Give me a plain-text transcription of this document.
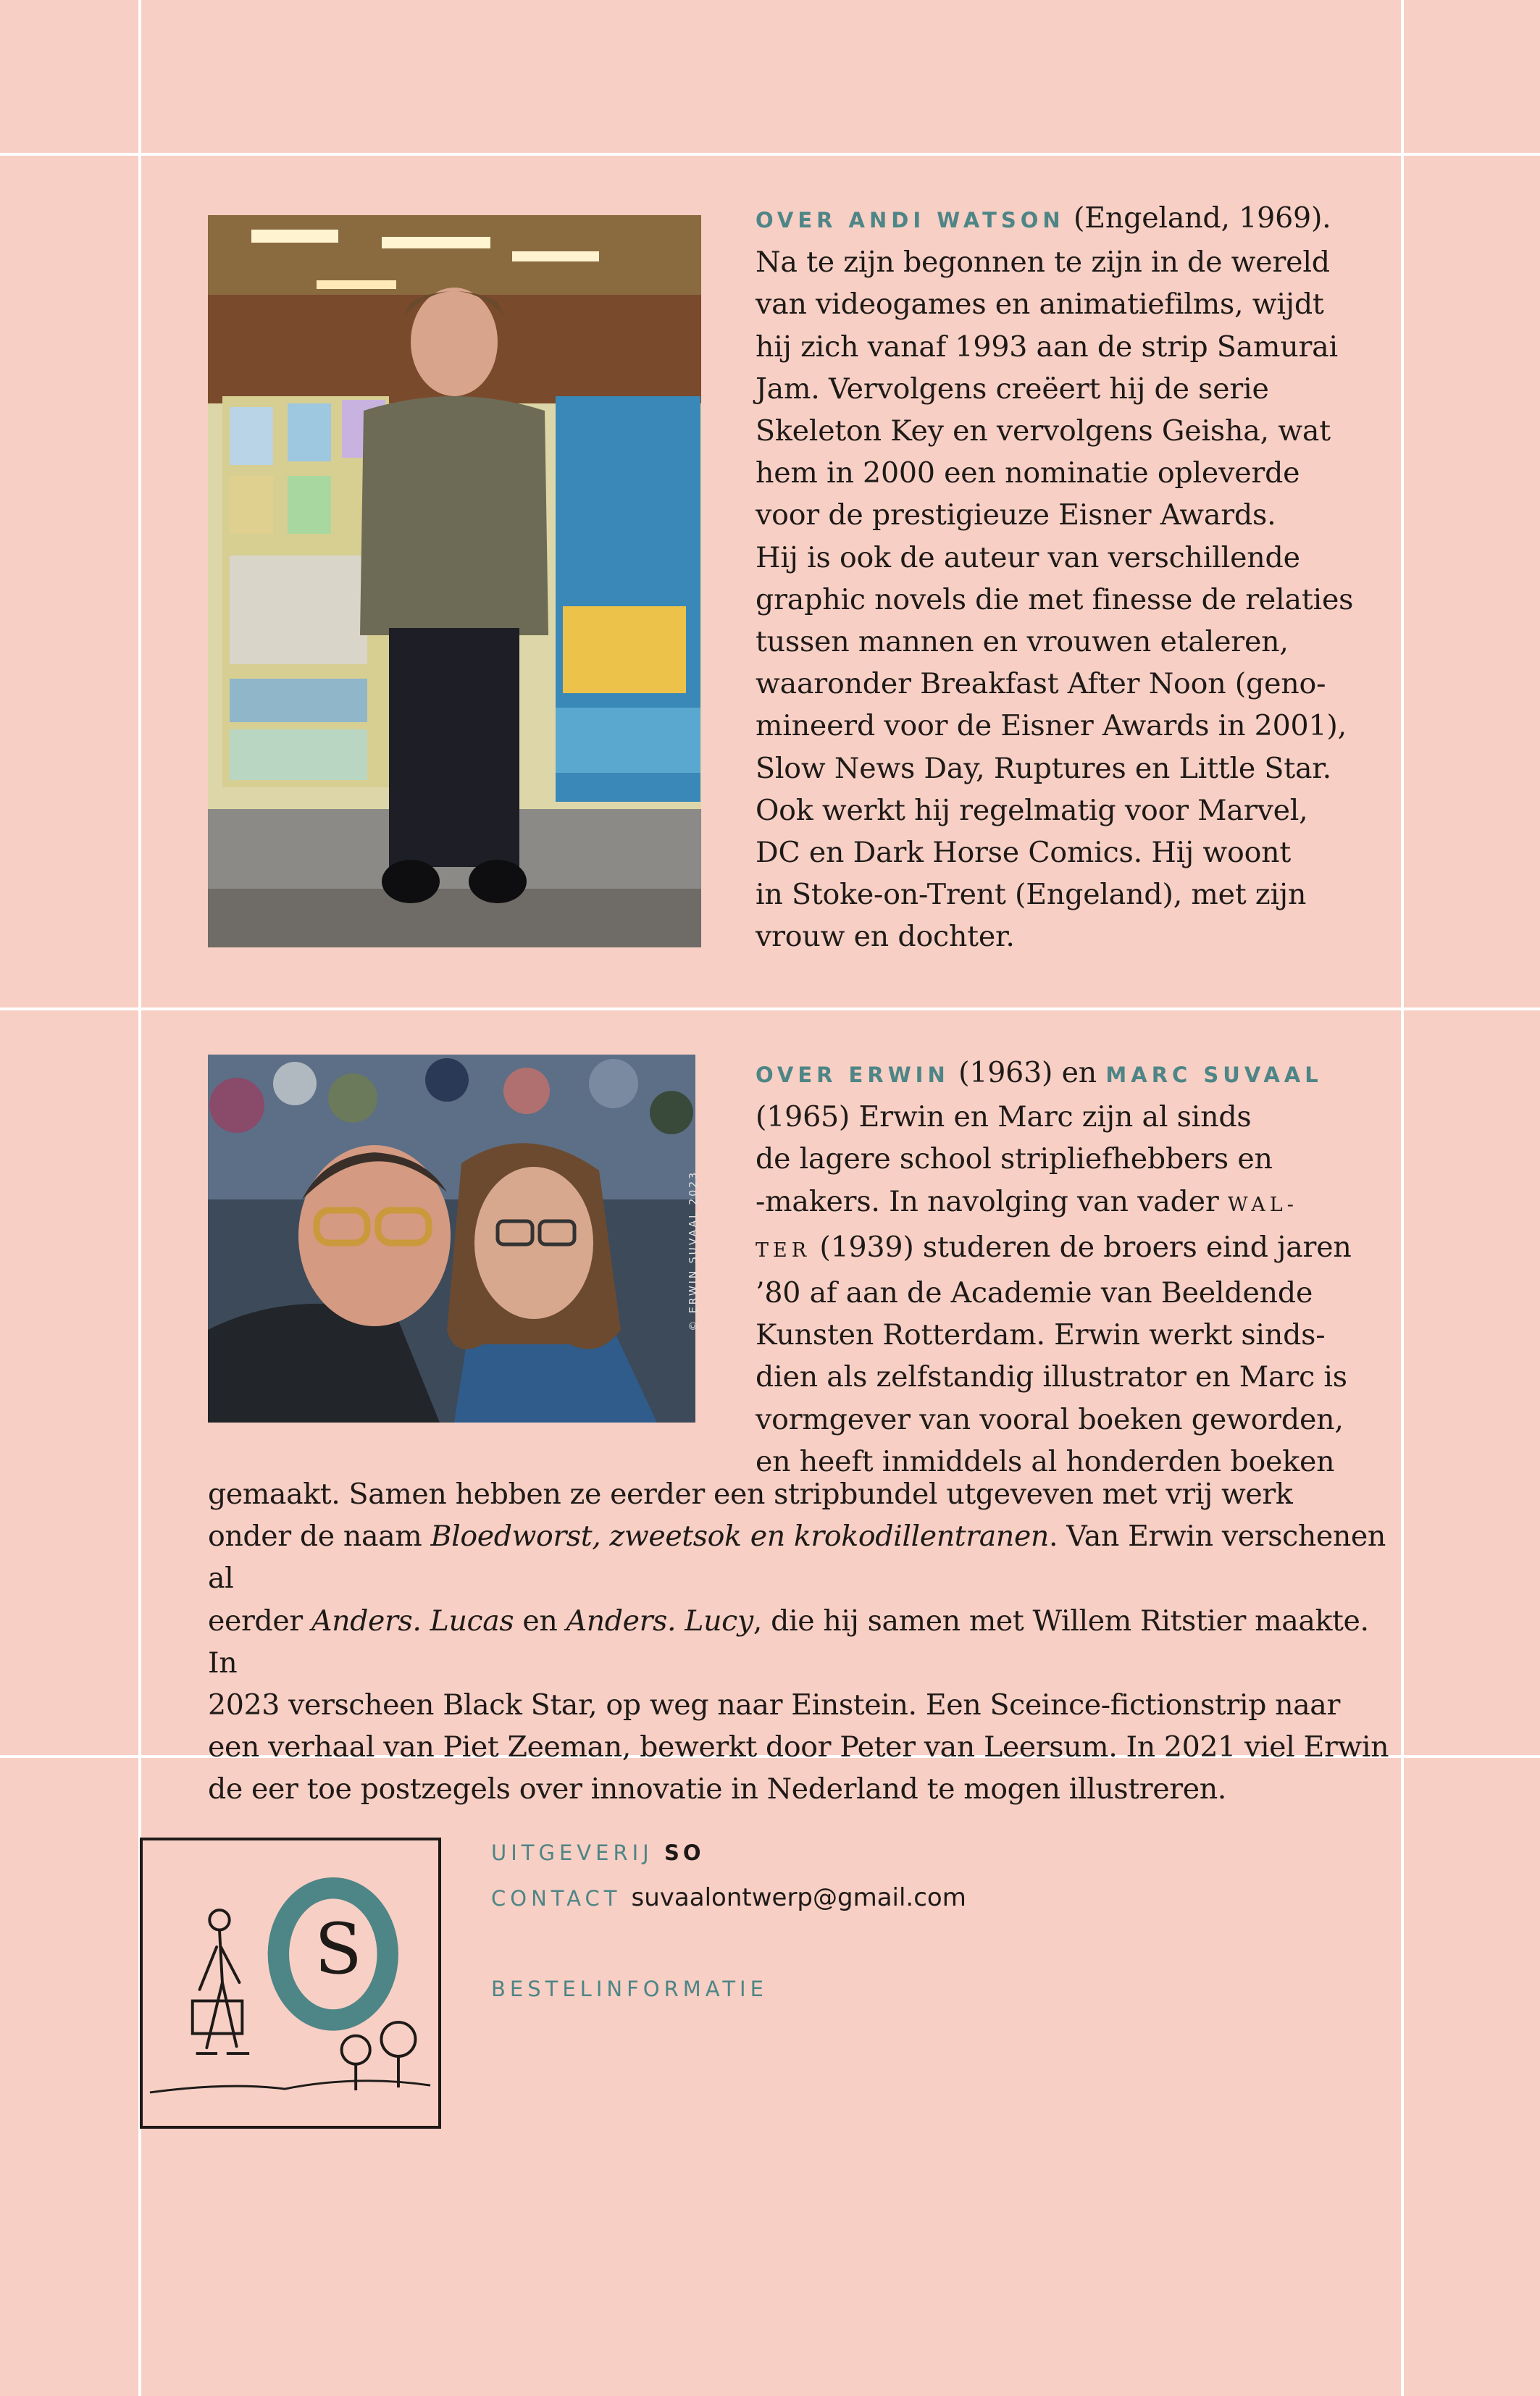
OVER ANDI WATSON (Engeland, 1969).

Na te zijn begonnen te zijn in de wereld

van videogames en animatiefilms, wijdt

hij zich vanaf 1993 aan de strip Samurai

Jam. Vervolgens creëert hij de serie

Skeleton Key en vervolgens Geisha, wat

hem in 2000 een nominatie opleverde

voor de prestigieuze Eisner Awards.

Hij is ook de auteur van verschillende

graphic novels die met finesse de relaties

tussen mannen en vrouwen etaleren,

waaronder Breakfast After Noon (geno-

mineerd voor de Eisner Awards in 2001),

Slow News Day, Ruptures en Little Star.

Ook werkt hij regelmatig voor Marvel,

DC en Dark Horse Comics. Hij woont

in Stoke-on-Trent (Engeland), met zijn

vrouw en dochter.

© ERWIN SUVAAL 2023

OVER ERWIN (1963) en MARC SUVAAL

(1965) Erwin en Marc zijn al sinds

de lagere school stripliefhebbers en

-makers. In navolging van vader WAL-

TER (1939) studeren de broers eind jaren

’80 af aan de Academie van Beeldende

Kunsten Rotterdam. Erwin werkt sinds-

dien als zelfstandig illustrator en Marc is

vormgever van vooral boeken geworden,

en heeft inmiddels al honderden boeken

gemaakt. Samen hebben ze eerder een stripbundel utgeveven met vrij werk

onder de naam Bloedworst, zweetsok en krokodillentranen. Van Erwin verschenen al

eerder Anders. Lucas en Anders. Lucy, die hij samen met Willem Ritstier maakte. In

2023 verscheen Black Star, op weg naar Einstein. Een Sceince-fictionstrip naar

een verhaal van Piet Zeeman, bewerkt door Peter van Leersum. In 2021 viel Erwin

de eer toe postzegels over innovatie in Nederland te mogen illustreren.

S
UITGEVERIJ SO
CONTACT suvaalontwerp@gmail.com
BESTELINFORMATIE
